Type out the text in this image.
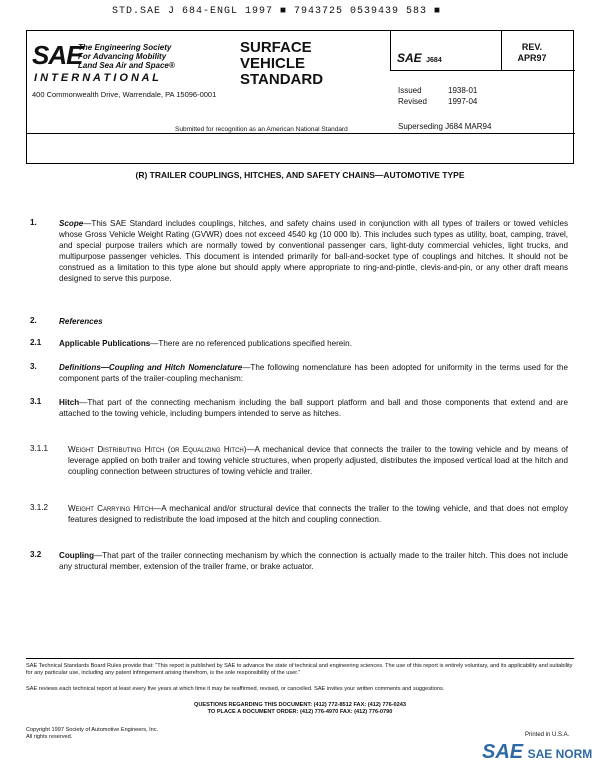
STD.SAE J 684-ENGL 1997 ■ 7943725 0539439 583 ■
SAE
The Engineering Society
For Advancing Mobility
Land Sea Air and Space®
I N T E R N A T I O N A L
400 Commonwealth Drive, Warrendale, PA 15096-0001
SURFACE
VEHICLE
STANDARD
SAE J684
REV.
APR97
Issued	1938-01
Revised	1997-04
Submitted for recognition as an American National Standard	Superseding J684 MAR94
(R) TRAILER COUPLINGS, HITCHES, AND SAFETY CHAINS—AUTOMOTIVE TYPE
1.	Scope—This SAE Standard includes couplings, hitches, and safety chains used in conjunction with all types of trailers or towed vehicles whose Gross Vehicle Weight Rating (GVWR) does not exceed 4540 kg (10 000 lb). This includes such types as utility, boat, camping, travel, and special purpose trailers which are normally towed by conventional passenger cars, light-duty commercial vehicles, light trucks, and multipurpose passenger vehicles. This document is intended primarily for ball-and-socket type of couplings and hitches. It should not be construed as a limitation to this type alone but should apply where appropriate to ring-and-pintle, clevis-and-pin, or any other draft means designed to serve this purpose.
2.	References
2.1 Applicable Publications—There are no referenced publications specified herein.
3.	Definitions—Coupling and Hitch Nomenclature—The following nomenclature has been adopted for uniformity in the terms used for the component parts of the trailer-coupling mechanism:
3.1 Hitch—That part of the connecting mechanism including the ball support platform and ball and those components that extend and are attached to the towing vehicle, including bumpers intended to serve as hitches.
3.1.1 Weight Distributing Hitch (or Equalizing Hitch)—A mechanical device that connects the trailer to the towing vehicle and by means of leverage applied on both trailer and towing vehicle structures, when properly adjusted, distributes the imposed vertical load at the hitch and coupling connection between structures of towing vehicle and trailer.
3.1.2 Weight Carrying Hitch—A mechanical and/or structural device that connects the trailer to the towing vehicle, and that does not employ features designed to redistribute the load imposed at the hitch and coupling connection.
3.2 Coupling—That part of the trailer connecting mechanism by which the connection is actually made to the trailer hitch. This does not include any structural member, extension of the trailer frame, or brake actuator.
SAE Technical Standards Board Rules provide that: "This report is published by SAE to advance the state of technical and engineering sciences. The use of this report is entirely voluntary, and its applicability and suitability for any particular use, including any patent infringement arising therefrom, is the sole responsibility of the user."
SAE reviews each technical report at least every five years at which time it may be reaffirmed, revised, or cancelled. SAE invites your written comments and suggestions.
QUESTIONS REGARDING THIS DOCUMENT: (412) 772-8512 FAX: (412) 776-0243
TO PLACE A DOCUMENT ORDER: (412) 776-4970 FAX: (412) 776-0790
Copyright 1997 Society of Automotive Engineers, Inc.
All rights reserved.	Printed in U.S.A.
SAE SAE NORM
